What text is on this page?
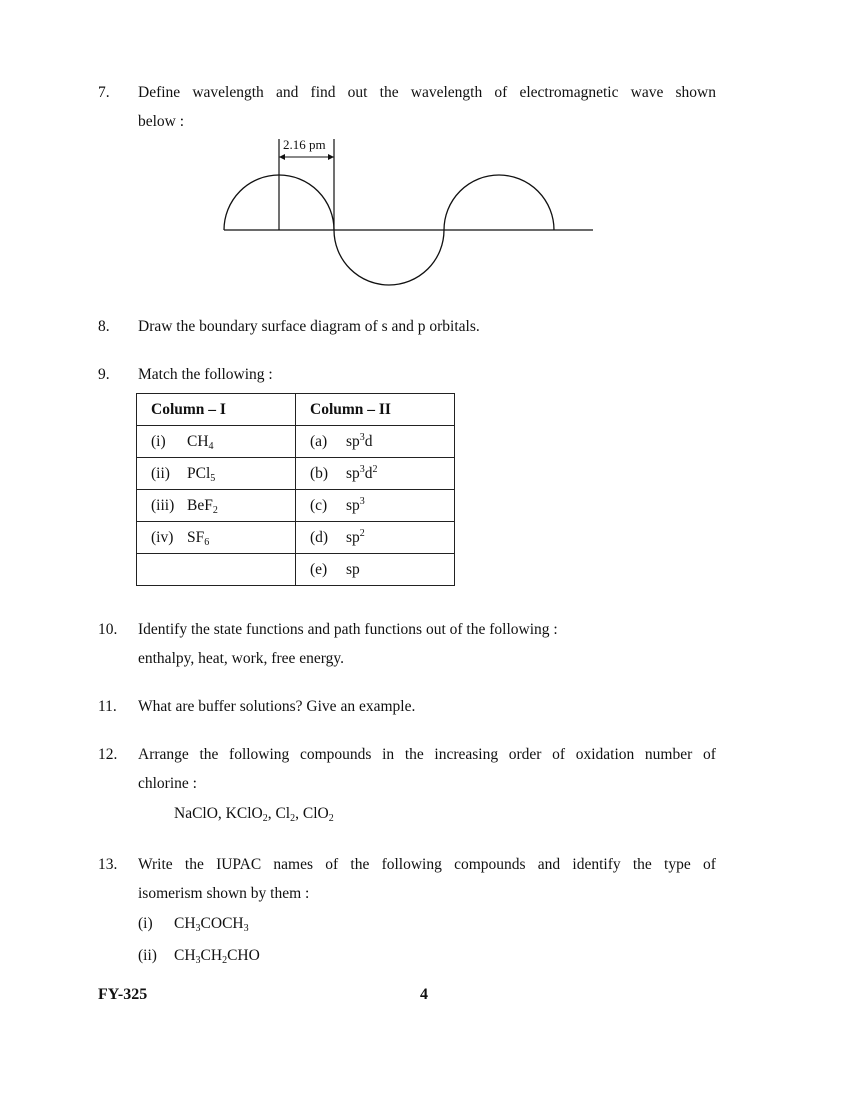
7. Define wavelength and find out the wavelength of electromagnetic wave shown
below :
2.16 pm
8. Draw the boundary surface diagram of s and p orbitals.
9. Match the following :
Column – I	Column – II
(i) $CH_4$	(a) $sp^3d$
(ii) PCl$_5$	(b) $sp^3d^2$
(iii) BeF$_2$	(c) $sp^3$
(iv) $SF_6$	(d) $sp^2$
	(e) sp
10. Identify the state functions and path functions out of the following :
enthalpy, heat, work, free energy.
11. What are buffer solutions? Give an example.
12. Arrange the following compounds in the increasing order of oxidation number of
chlorine :
NaClO, KClO$_2$, $Cl_2$, ClO$_2$
13. Write the IUPAC names of the following compounds and identify the type of
isomerism shown by them :
(i) $CH_3COCH_3$
(ii) $CH_3CH_2CHO$
FY-325	4
